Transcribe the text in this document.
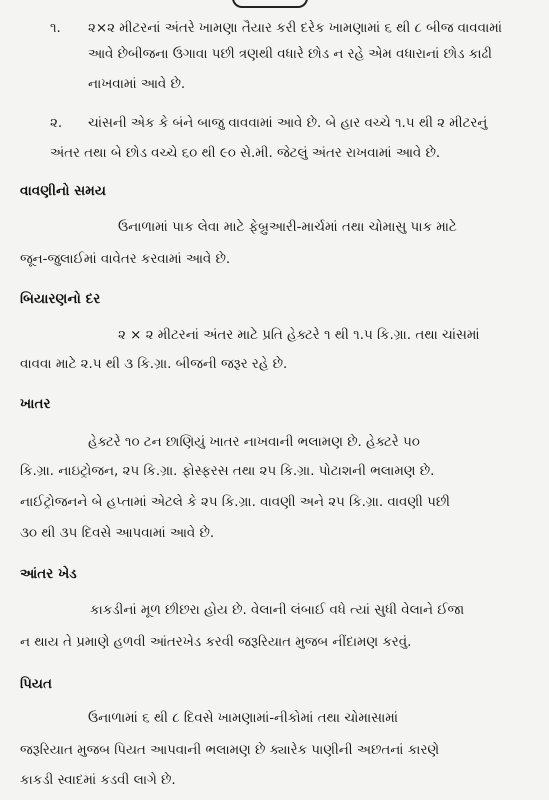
૧. ૨×૨ મીટરનાં અંતરે ખામણા તૈયાર કરી દરેક ખામણામાં ૬ થી ૮ બીજ વાવવામાં
આવે છેબીજના ઉગાવા પછી ત્રણથી વધારે છોડ ન રહે એમ વધારાનાં છોડ કાઢી
નાખવામાં આવે છે.
૨. ચાંસની એક કે બંને બાજુ વાવવામાં આવે છે. બે હાર વચ્ચે ૧.૫ થી ૨ મીટરનું
અંતર તથા બે છોડ વચ્ચે ૬૦ થી ૯૦ સે.મી. જેટલું અંતર રાખવામાં આવે છે.
વાવણીનો સમય
ઉનાળામાં પાક લેવા માટે ફેબ્રુઆરી-માર્ચમાં તથા ચોમાસુ પાક માટે
જૂન-જુલાઈમાં વાવેતર કરવામાં આવે છે.
બિયારણનો દર
૨ × ૨ મીટરનાં અંતર માટે પ્રતિ હેક્ટરે ૧ થી ૧.૫ કિ.ગ્રા. તથા ચાંસમાં
વાવવા માટે ૨.૫ થી ૩ કિ.ગ્રા. બીજની જરૂર રહે છે.
ખાતર
હેક્ટરે ૧૦ ટન છાણિયું ખાતર નાખવાની ભલામણ છે. હેક્ટરે ૫૦
કિ.ગ્રા. નાઇટ્રોજન, ૨૫ કિ.ગ્રા. ફોસ્ફરસ તથા ૨૫ કિ.ગ્રા. પોટાશની ભલામણ છે.
નાઈટ્રોજનને બે હપ્તામાં એટલે કે ૨૫ કિ.ગ્રા. વાવણી અને ૨૫ કિ.ગ્રા. વાવણી પછી
૩૦ થી ૩૫ દિવસે આપવામાં આવે છે.
આંતર ખેડ
કાકડીનાં મૂળ છીછરા હોય છે. વેલાની લંબાઈ વધે ત્યાં સુધી વેલાને ઈજા
ન થાય તે પ્રમાણે હળવી આંતરખેડ કરવી જરૂરિયાત મુજબ નીંદામણ કરવું.
પિયત
ઉનાળામાં ૬ થી ૮ દિવસે ખામણામાં-નીકોમાં તથા ચોમાસામાં
જરૂરિયાત મુજબ પિયત આપવાની ભલામણ છે ક્યારેક પાણીની અછતનાં કારણે
કાકડી સ્વાદમાં કડવી લાગે છે.
